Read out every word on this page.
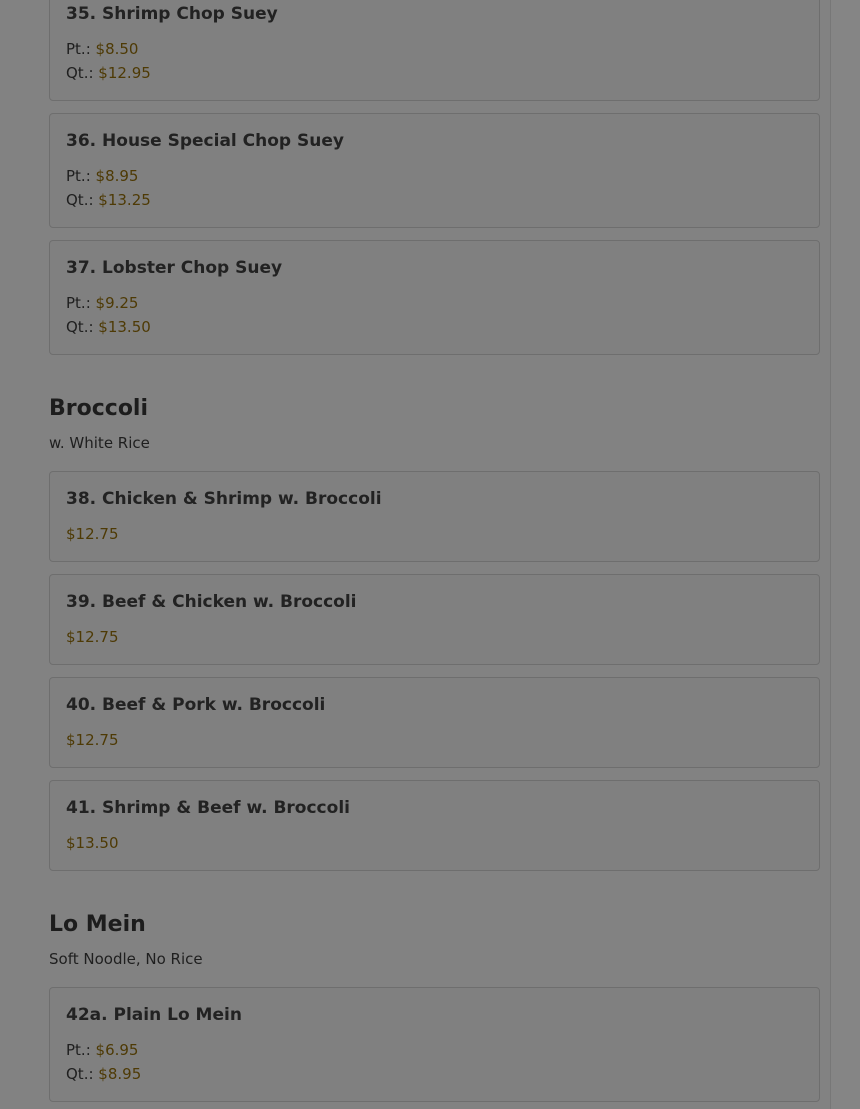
35. Shrimp Chop Suey
Pt.: $8.50
Qt.: $12.95
36. House Special Chop Suey
Pt.: $8.95
Qt.: $13.25
37. Lobster Chop Suey
Pt.: $9.25
Qt.: $13.50
Broccoli
w. White Rice
38. Chicken & Shrimp w. Broccoli
$12.75
39. Beef & Chicken w. Broccoli
$12.75
40. Beef & Pork w. Broccoli
$12.75
41. Shrimp & Beef w. Broccoli
$13.50
Lo Mein
Soft Noodle, No Rice
42a. Plain Lo Mein
Pt.: $6.95
Qt.: $8.95
